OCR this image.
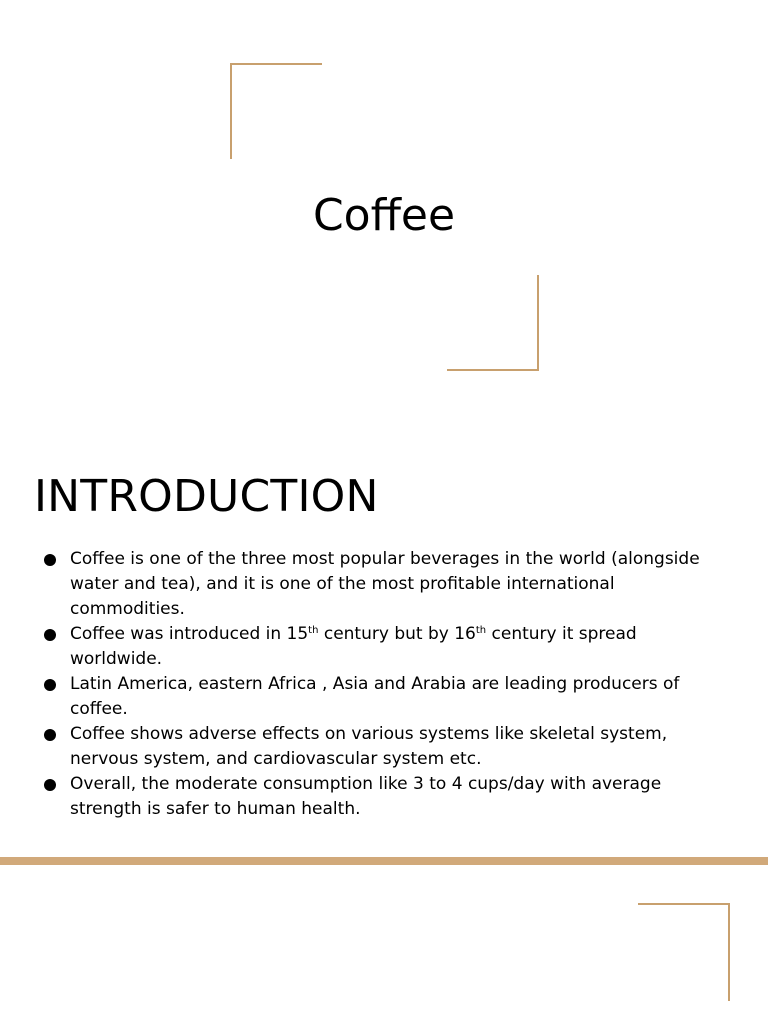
Coffee
INTRODUCTION
Coffee is one of the three most popular beverages in the world (alongside water and tea), and it is one of the most profitable international commodities.
Coffee was introduced in 15th century but by 16th century it spread worldwide.
Latin America, eastern Africa , Asia and Arabia are leading producers of coffee.
Coffee shows adverse effects on various systems like skeletal system, nervous system, and cardiovascular system etc.
Overall, the moderate consumption like 3 to 4 cups/day with average strength is safer to human health.
